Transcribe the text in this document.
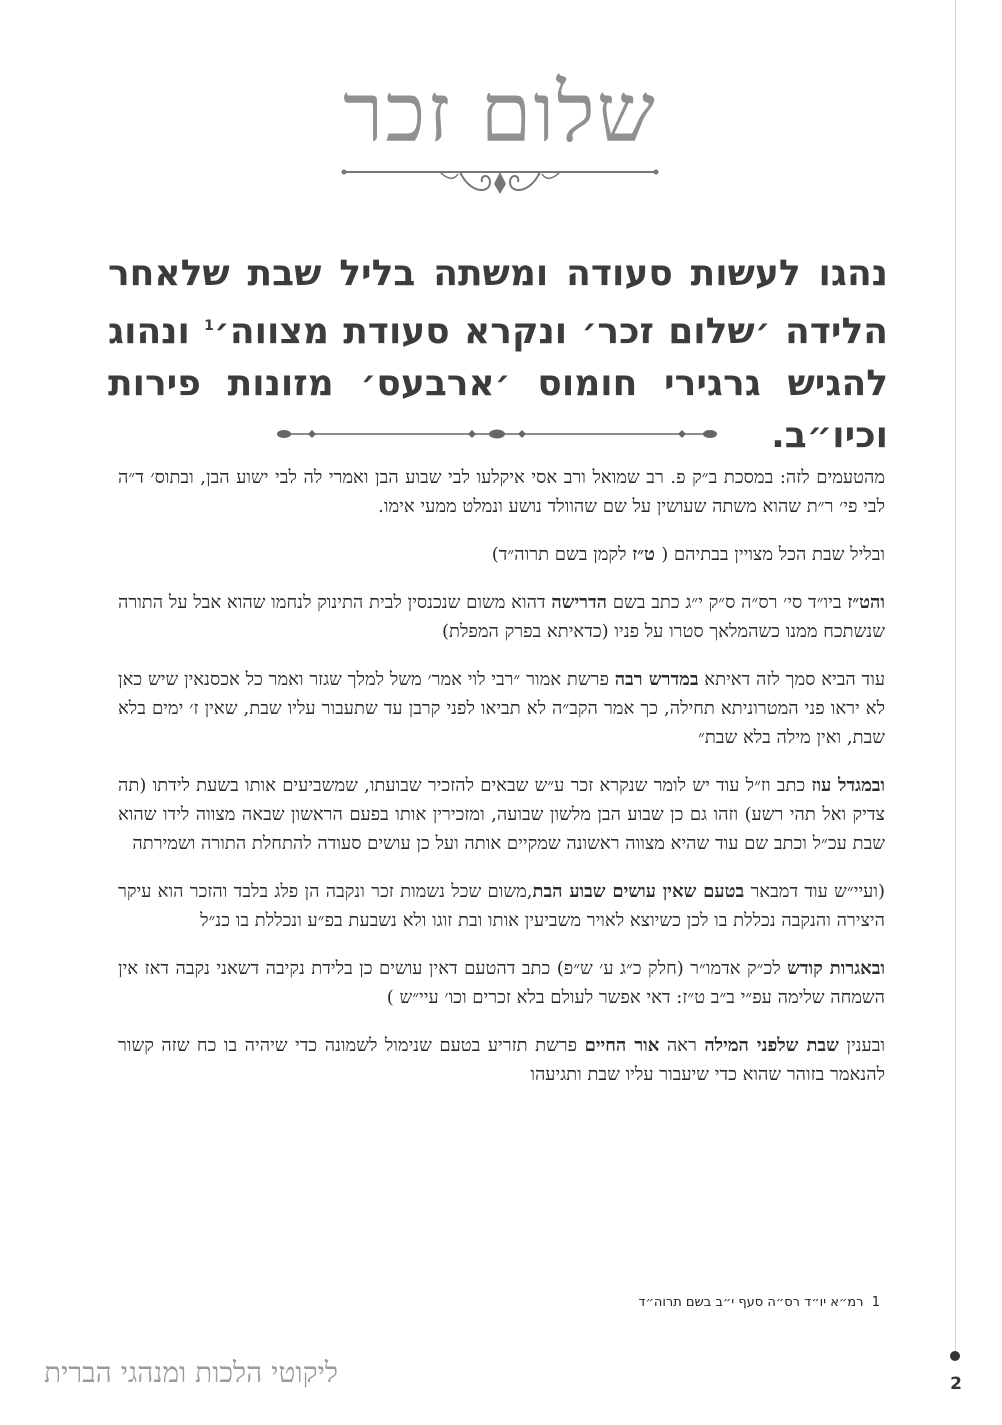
2
שלום זכר
נהגו לעשות סעודה ומשתה בליל שבת שלאחר
הלידה ׳שלום זכר׳ ונקרא סעודת מצווה׳$^1$ ונהוג
להגיש גרגירי חומוס ׳ארבעס׳ מזונות פירות וכיו״ב.

מהטעמים לזה: במסכת ב״ק פ. רב שמואל ורב אסי איקלעו לבי שבוע הבן ואמרי לה לבי ישוע הבן, ובתוס׳ ד״ה לבי פי׳ ר״ת שהוא משתה שעושין על שם שהוולד נושע ונמלט ממעי אימו.

ובליל שבת הכל מצויין בבתיהם ( ט״ז לקמן בשם תרוה״ד)

והט״ז ביו״ד סי׳ רס״ה ס״ק י״ג כתב בשם הדרישה דהוא משום שנכנסין לבית התינוק לנחמו שהוא אבל על התורה שנשתכח ממנו כשהמלאך סטרו על פניו (כדאיתא בפרק המפלת)

עוד הביא סמך לזה דאיתא במדרש רבה פרשת אמור ״רבי לוי אמר׳ משל למלך שגזר ואמר כל אכסנאין שיש כאן לא יראו פני המטרוניתא תחילה, כך אמר הקב״ה לא תביאו לפני קרבן עד שתעבור עליו שבת, שאין ז׳ ימים בלא שבת, ואין מילה בלא שבת״

ובמגדל עוז כתב וז״ל עוד יש לומר שנקרא זכר ע״ש שבאים להזכיר שבועתו, שמשביעים אותו בשעת לידתו (תה צדיק ואל תהי רשע) וזהו גם כן שבוע הבן מלשון שבועה, ומזכירין אותו בפעם הראשון שבאה מצווה לידו שהוא שבת עכ״ל וכתב שם עוד שהיא מצווה ראשונה שמקיים אותה ועל כן עושים סעודה להתחלת התורה ושמירתה

(ועיי״ש עוד דמבאר בטעם שאין עושים שבוע הבת,משום שכל נשמות זכר ונקבה הן פלג בלבד והזכר הוא עיקר היצירה והנקבה נכללת בו לכן כשיוצא לאויר משביעין אותו ובת זוגו ולא נשבעת בפ״ע ונכללת בו כנ״ל

ובאגרות קודש לכ״ק אדמו״ר (חלק כ״ג ע׳ ש״פ) כתב דהטעם דאין עושים כן בלידת נקיבה דשאני נקבה דאז אין השמחה שלימה עפ״י ב״ב ט״ז: דאי אפשר לעולם בלא זכרים וכו׳ עיי״ש )

ובענין שבת שלפני המילה ראה אור החיים פרשת תזריע בטעם שנימול לשמונה כדי שיהיה בו כח שזה קשור להנאמר בזוהר שהוא כדי שיעבור עליו שבת ותגיעהו

1  רמ״א יו״ד רס״ה סעף י״ב בשם תרוה״ד
ליקוטי הלכות ומנהגי הברית
